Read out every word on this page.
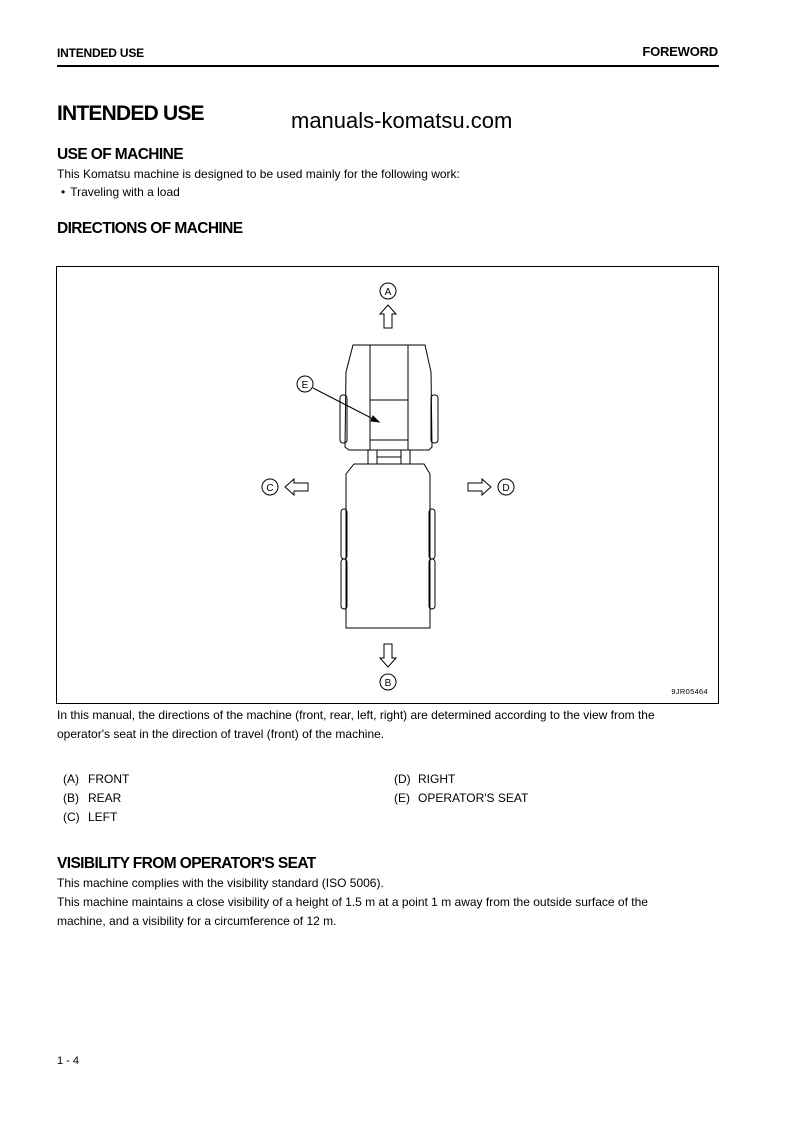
INTENDED USE	FOREWORD
INTENDED USE	manuals-komatsu.com
USE OF MACHINE
This Komatsu machine is designed to be used mainly for the following work:
• Traveling with a load
DIRECTIONS OF MACHINE
A
B
C	D
E
9JR05464
In this manual, the directions of the machine (front, rear, left, right) are determined according to the view from the
operator's seat in the direction of travel (front) of the machine.
(A) FRONT
(B) REAR
(C) LEFT
(D) RIGHT
(E) OPERATOR'S SEAT
VISIBILITY FROM OPERATOR'S SEAT
This machine complies with the visibility standard (ISO 5006).
This machine maintains a close visibility of a height of 1.5 m at a point 1 m away from the outside surface of the
machine, and a visibility for a circumference of 12 m.
1 - 4
